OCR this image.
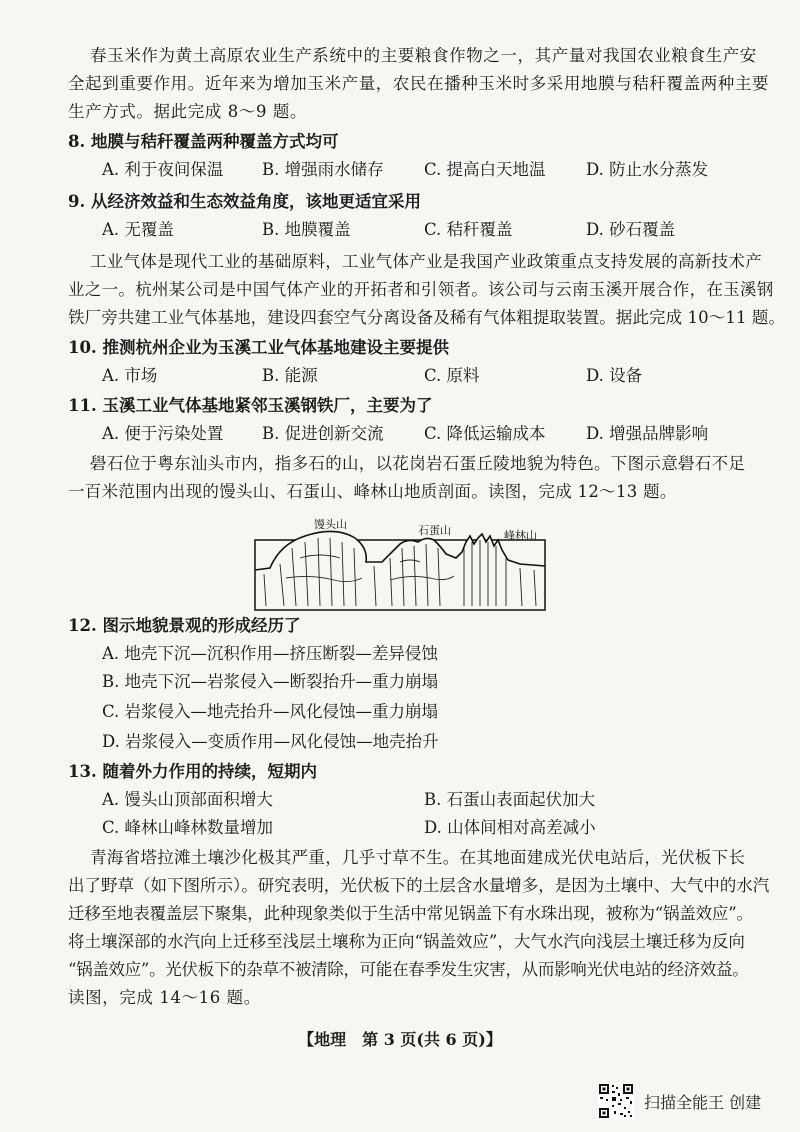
春玉米作为黄土高原农业生产系统中的主要粮食作物之一，其产量对我国农业粮食生产安
全起到重要作用。近年来为增加玉米产量，农民在播种玉米时多采用地膜与秸秆覆盖两种主要
生产方式。据此完成 8～9 题。
8. 地膜与秸秆覆盖两种覆盖方式均可
A. 利于夜间保温 B. 增强雨水储存 C. 提高白天地温 D. 防止水分蒸发
9. 从经济效益和生态效益角度，该地更适宜采用
A. 无覆盖	B. 地膜覆盖	C. 秸秆覆盖	D. 砂石覆盖
工业气体是现代工业的基础原料，工业气体产业是我国产业政策重点支持发展的高新技术产
业之一。杭州某公司是中国气体产业的开拓者和引领者。该公司与云南玉溪开展合作，在玉溪钢
铁厂旁共建工业气体基地，建设四套空气分离设备及稀有气体粗提取装置。据此完成 10～11 题。
10. 推测杭州企业为玉溪工业气体基地建设主要提供
A. 市场	B. 能源	C. 原料	D. 设备
11. 玉溪工业气体基地紧邻玉溪钢铁厂，主要为了
A. 便于污染处置 B. 促进创新交流 C. 降低运输成本 D. 增强品牌影响
礐石位于粤东汕头市内，指多石的山，以花岗岩石蛋丘陵地貌为特色。下图示意礐石不足
一百米范围内出现的馒头山、石蛋山、峰林山地质剖面。读图，完成 12～13 题。
馒头山	石蛋山	峰林山
12. 图示地貌景观的形成经历了
A. 地壳下沉—沉积作用—挤压断裂—差异侵蚀
B. 地壳下沉—岩浆侵入—断裂抬升—重力崩塌
C. 岩浆侵入—地壳抬升—风化侵蚀—重力崩塌
D. 岩浆侵入—变质作用—风化侵蚀—地壳抬升
13. 随着外力作用的持续，短期内
A. 馒头山顶部面积增大	B. 石蛋山表面起伏加大
C. 峰林山峰林数量增加	D. 山体间相对高差减小
青海省塔拉滩土壤沙化极其严重，几乎寸草不生。在其地面建成光伏电站后，光伏板下长
出了野草（如下图所示）。研究表明，光伏板下的土层含水量增多，是因为土壤中、大气中的水汽
迁移至地表覆盖层下聚集，此种现象类似于生活中常见锅盖下有水珠出现，被称为“锅盖效应”。
将土壤深部的水汽向上迁移至浅层土壤称为正向“锅盖效应”，大气水汽向浅层土壤迁移为反向
“锅盖效应”。光伏板下的杂草不被清除，可能在春季发生灾害，从而影响光伏电站的经济效益。
读图，完成 14～16 题。
【地理　第 3 页(共 6 页)】
扫描全能王 创建
